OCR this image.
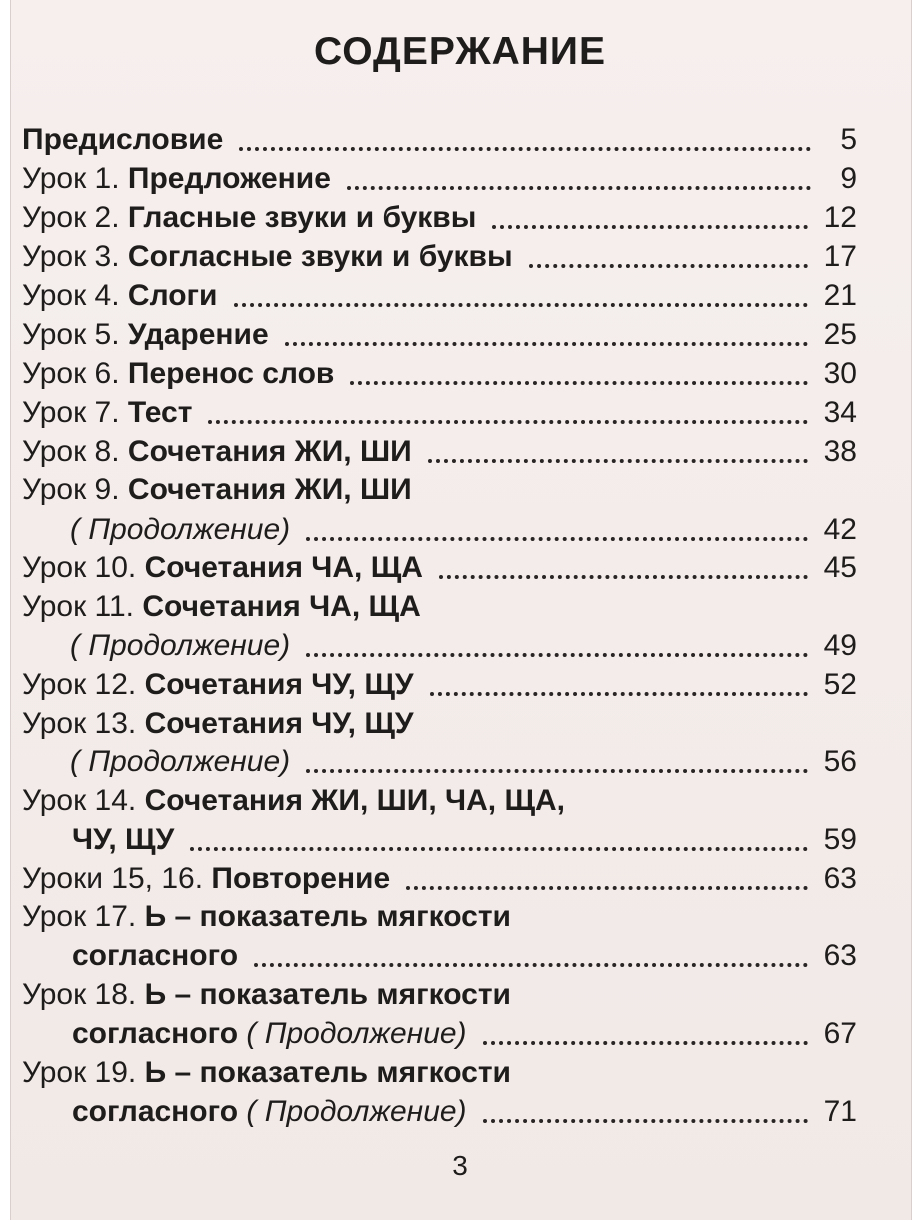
СОДЕРЖАНИЕ
Предисловие	5
Урок 1. Предложение	9
Урок 2. Гласные звуки и буквы	12
Урок 3. Согласные звуки и буквы	17
Урок 4. Слоги	21
Урок 5. Ударение	25
Урок 6. Перенос слов	30
Урок 7. Тест	34
Урок 8. Сочетания ЖИ, ШИ	38
Урок 9. Сочетания ЖИ, ШИ
( Продолжение)	42
Урок 10. Сочетания ЧА, ЩА	45
Урок 11. Сочетания ЧА, ЩА
( Продолжение)	49
Урок 12. Сочетания ЧУ, ЩУ	52
Урок 13. Сочетания ЧУ, ЩУ
( Продолжение)	56
Урок 14. Сочетания ЖИ, ШИ, ЧА, ЩА,
ЧУ, ЩУ	59
Уроки 15, 16. Повторение	63
Урок 17. Ь – показатель мягкости
согласного	63
Урок 18. Ь – показатель мягкости
согласного ( Продолжение)	67
Урок 19. Ь – показатель мягкости
согласного ( Продолжение)	71
3
